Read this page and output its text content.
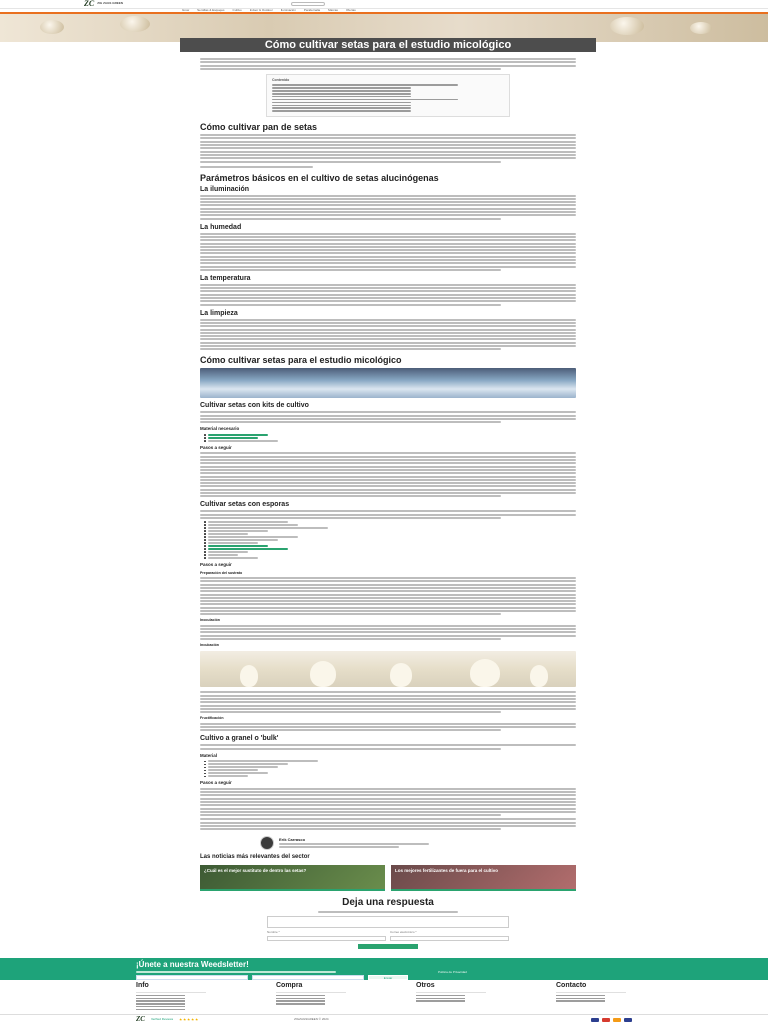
ZC ZIG ZAGS GREEN
Grow	Semillas & Esquejes	Cultivo	Indoor & Outdoor	Iluminación	Parafernalia	Marcas	Ofertas
Cómo cultivar setas para el estudio micológico
Contenido
Cómo cultivar pan de setas
Parámetros básicos en el cultivo de setas alucinógenas
La iluminación
La humedad
La temperatura
La limpieza
Cómo cultivar setas para el estudio micológico
Cultivar setas con kits de cultivo
Material necesario
Pasos a seguir
Cultivar setas con esporas
Pasos a seguir
Preparación del sustrato
Inoculación
Incubación
Fructificación
Cultivo a granel o 'bulk'
Material
Pasos a seguir
Erik Carrasco
Las noticias más relevantes del sector
¿Cuál es el mejor sustituto de dentro las setas?	Los mejores fertilizantes de fuera para el cultivo
Deja una respuesta
Nombre *	Correo electrónico *
¡Únete a nuestra Weedsletter!
Enviar
Política de Privacidad
Info	Compra	Otros	Contacto
ZC Verified Reviews	ZIGZAGSGREEN © 2024
